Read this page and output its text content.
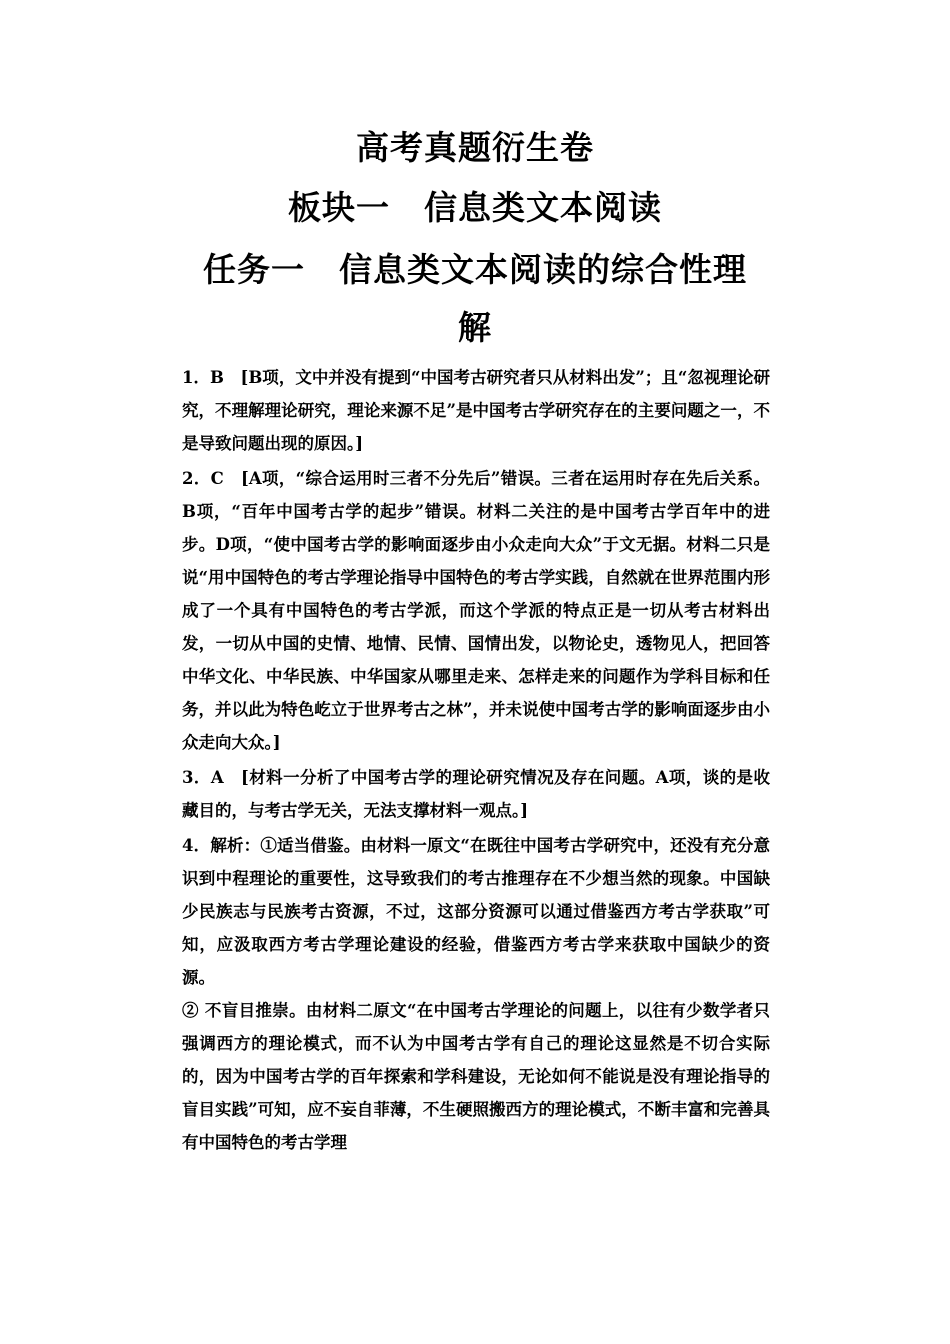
高考真题衍生卷
板块一　信息类文本阅读
任务一　信息类文本阅读的综合性理
解

1．B　[B项，文中并没有提到“中国考古研究者只从材料出发”；且“忽视理论研究，不理解理论研究，理论来源不足”是中国考古学研究存在的主要问题之一，不是导致问题出现的原因。]

2．C　[A项，“综合运用时三者不分先后”错误。三者在运用时存在先后关系。B项，“百年中国考古学的起步”错误。材料二关注的是中国考古学百年中的进步。D项，“使中国考古学的影响面逐步由小众走向大众”于文无据。材料二只是说“用中国特色的考古学理论指导中国特色的考古学实践，自然就在世界范围内形成了一个具有中国特色的考古学派，而这个学派的特点正是一切从考古材料出发，一切从中国的史情、地情、民情、国情出发，以物论史，透物见人，把回答中华文化、中华民族、中华国家从哪里走来、怎样走来的问题作为学科目标和任务，并以此为特色屹立于世界考古之林”，并未说使中国考古学的影响面逐步由小众走向大众。]

3．A　[材料一分析了中国考古学的理论研究情况及存在问题。A项，谈的是收藏目的，与考古学无关，无法支撑材料一观点。]

4．解析：①适当借鉴。由材料一原文“在既往中国考古学研究中，还没有充分意识到中程理论的重要性，这导致我们的考古推理存在不少想当然的现象。中国缺少民族志与民族考古资源，不过，这部分资源可以通过借鉴西方考古学获取”可知，应汲取西方考古学理论建设的经验，借鉴西方考古学来获取中国缺少的资源。

② 不盲目推崇。由材料二原文“在中国考古学理论的问题上，以往有少数学者只强调西方的理论模式，而不认为中国考古学有自己的理论这显然是不切合实际的，因为中国考古学的百年探索和学科建设，无论如何不能说是没有理论指导的盲目实践”可知，应不妄自菲薄，不生硬照搬西方的理论模式，不断丰富和完善具有中国特色的考古学理
